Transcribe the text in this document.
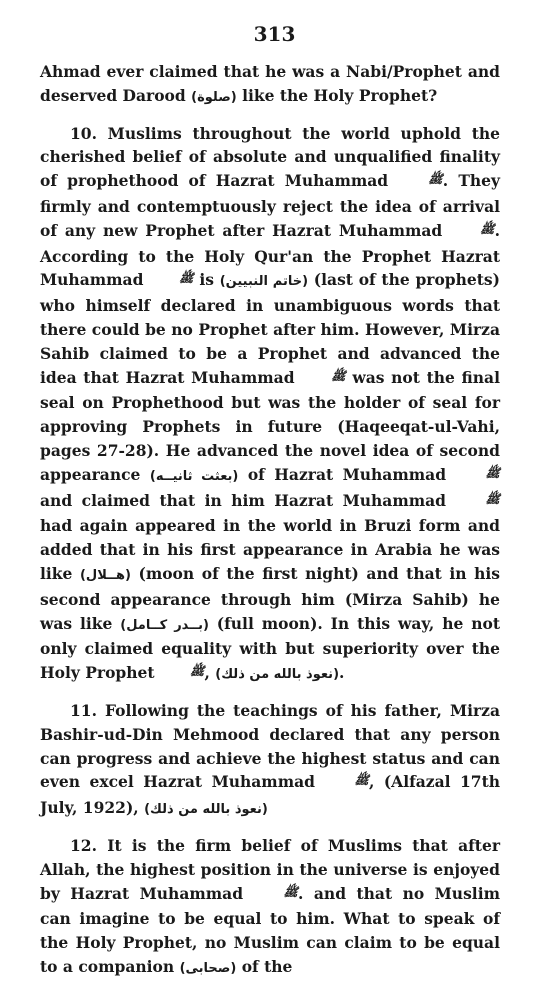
313

Ahmad ever claimed that he was a Nabi/Prophet and deserved Darood (صلوة) like the Holy Prophet?

10. Muslims throughout the world uphold the cherished belief of absolute and unqualified finality of prophethood of Hazrat Muhammad	ﷺ. They firmly and contemptuously reject the idea of arrival of any new Prophet after Hazrat Muhammad	ﷺ. According to the Holy Qur'an the Prophet Hazrat Muhammad	ﷺ is (خاتم النبيين) (last of the prophets) who himself declared in unambiguous words that there could be no Prophet after him. However, Mirza Sahib claimed to be a Prophet and advanced the idea that Hazrat Muhammad	ﷺ was not the final seal on Prophethood but was the holder of seal for approving Prophets in future (Haqeeqat-ul-Vahi, pages 27-28). He advanced the novel idea of second appearance (بعثت ثانيــه) of Hazrat Muhammad	ﷺ and claimed that in him Hazrat Muhammad	ﷺ had again appeared in the world in Bruzi form and added that in his first appearance in Arabia he was like (هــلال) (moon of the first night) and that in his second appearance through him (Mirza Sahib) he was like (بــدر كــامل) (full moon). In this way, he not only claimed equality with but superiority over the Holy Prophet	ﷺ, (نعوذ بالله من ذلك).

11. Following the teachings of his father, Mirza Bashir-ud-Din Mehmood declared that any person can progress and achieve the highest status and can even excel Hazrat Muhammad	ﷺ, (Alfazal 17th July, 1922), (نعوذ بالله من ذلك)

12. It is the firm belief of Muslims that after Allah, the highest position in the universe is enjoyed by Hazrat Muhammad	ﷺ. and that no Muslim can imagine to be equal to him. What to speak of the Holy Prophet, no Muslim can claim to be equal to a companion (صحابى) of the
